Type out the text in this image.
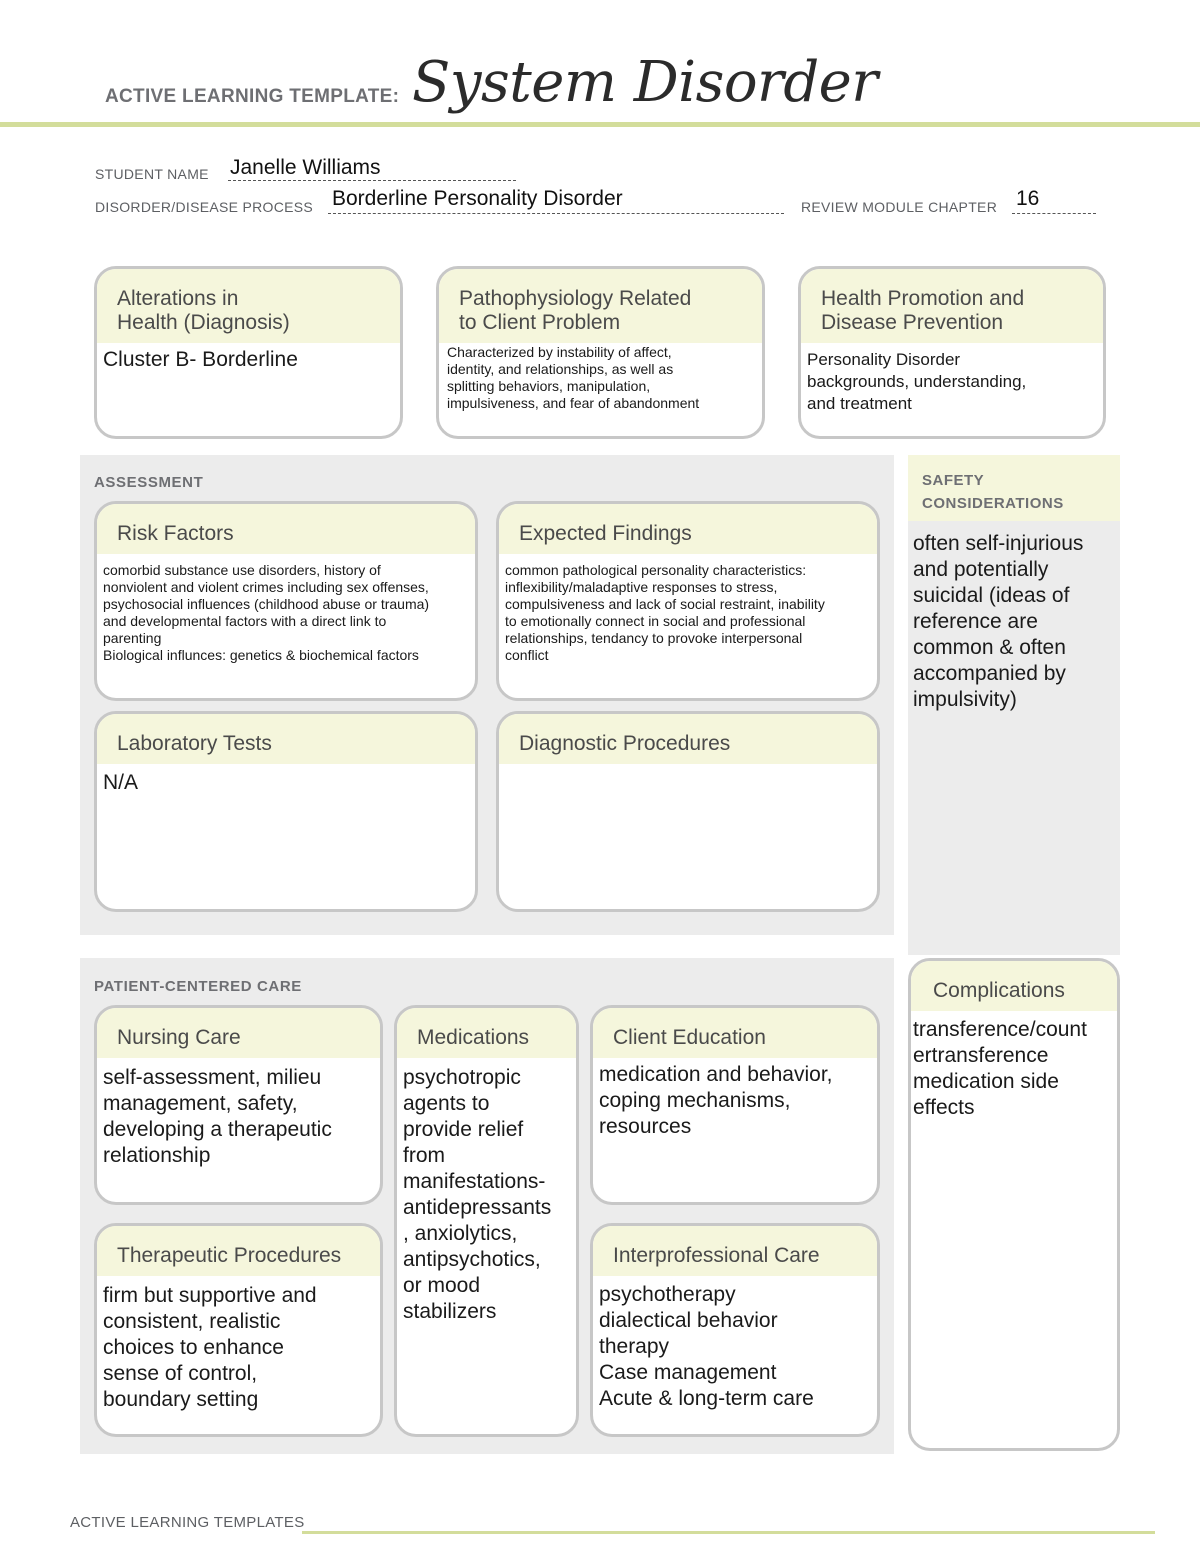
ACTIVE LEARNING TEMPLATE: System Disorder
STUDENT NAME Janelle Williams
DISORDER/DISEASE PROCESS Borderline Personality Disorder	REVIEW MODULE CHAPTER 16
Alterations in
Health (Diagnosis)
Cluster B- Borderline
Pathophysiology Related
to Client Problem
Characterized by instability of affect,
identity, and relationships, as well as
splitting behaviors, manipulation,
impulsiveness, and fear of abandonment
Health Promotion and
Disease Prevention
Personality Disorder
backgrounds, understanding,
and treatment
ASSESSMENT
Risk Factors
comorbid substance use disorders, history of
nonviolent and violent crimes including sex offenses,
psychosocial influences (childhood abuse or trauma)
and developmental factors with a direct link to
parenting
Biological influnces: genetics & biochemical factors
Expected Findings
common pathological personality characteristics:
inflexibility/maladaptive responses to stress,
compulsiveness and lack of social restraint, inability
to emotionally connect in social and professional
relationships, tendancy to provoke interpersonal
conflict
Laboratory Tests
N/A
Diagnostic Procedures
SAFETY
CONSIDERATIONS
often self-injurious
and potentially
suicidal (ideas of
reference are
common & often
accompanied by
impulsivity)
PATIENT-CENTERED CARE
Nursing Care
self-assessment, milieu
management, safety,
developing a therapeutic
relationship
Medications
psychotropic
agents to
provide relief
from
manifestations-
antidepressants
, anxiolytics,
antipsychotics,
or mood
stabilizers
Client Education
medication and behavior,
coping mechanisms,
resources
Therapeutic Procedures
firm but supportive and
consistent, realistic
choices to enhance
sense of control,
boundary setting
Interprofessional Care
psychotherapy
dialectical behavior
therapy
Case management
Acute & long-term care
Complications
transference/count
ertransference
medication side
effects
ACTIVE LEARNING TEMPLATES
